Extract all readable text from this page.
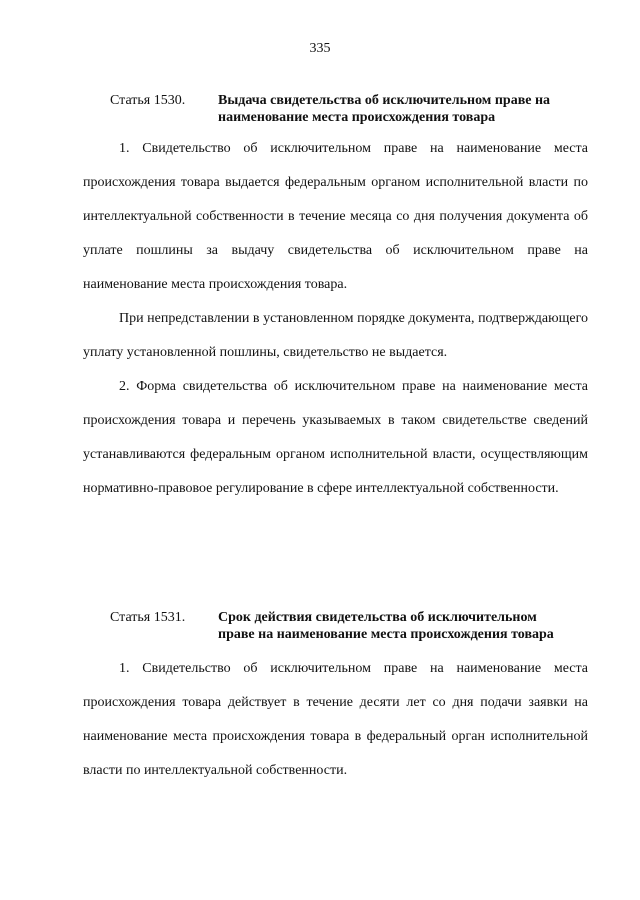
335
Статья 1530.	Выдача свидетельства об исключительном праве на
наименование места происхождения товара

1. Свидетельство об исключительном праве на наименование места происхождения товара выдается федеральным органом исполнительной власти по интеллектуальной собственности в течение месяца со дня получения документа об уплате пошлины за выдачу свидетельства об исключительном праве на наименование места происхождения товара.

При непредставлении в установленном порядке документа, подтверждающего уплату установленной пошлины, свидетельство не выдается.

2. Форма свидетельства об исключительном праве на наименование места происхождения товара и перечень указываемых в таком свидетельстве сведений устанавливаются федеральным органом исполнительной власти, осуществляющим нормативно-правовое регулирование в сфере интеллектуальной собственности.

Статья 1531.	Срок действия свидетельства об исключительном
праве на наименование места происхождения товара

1. Свидетельство об исключительном праве на наименование места происхождения товара действует в течение десяти лет со дня подачи заявки на наименование места происхождения товара в федеральный орган исполнительной власти по интеллектуальной собственности.
